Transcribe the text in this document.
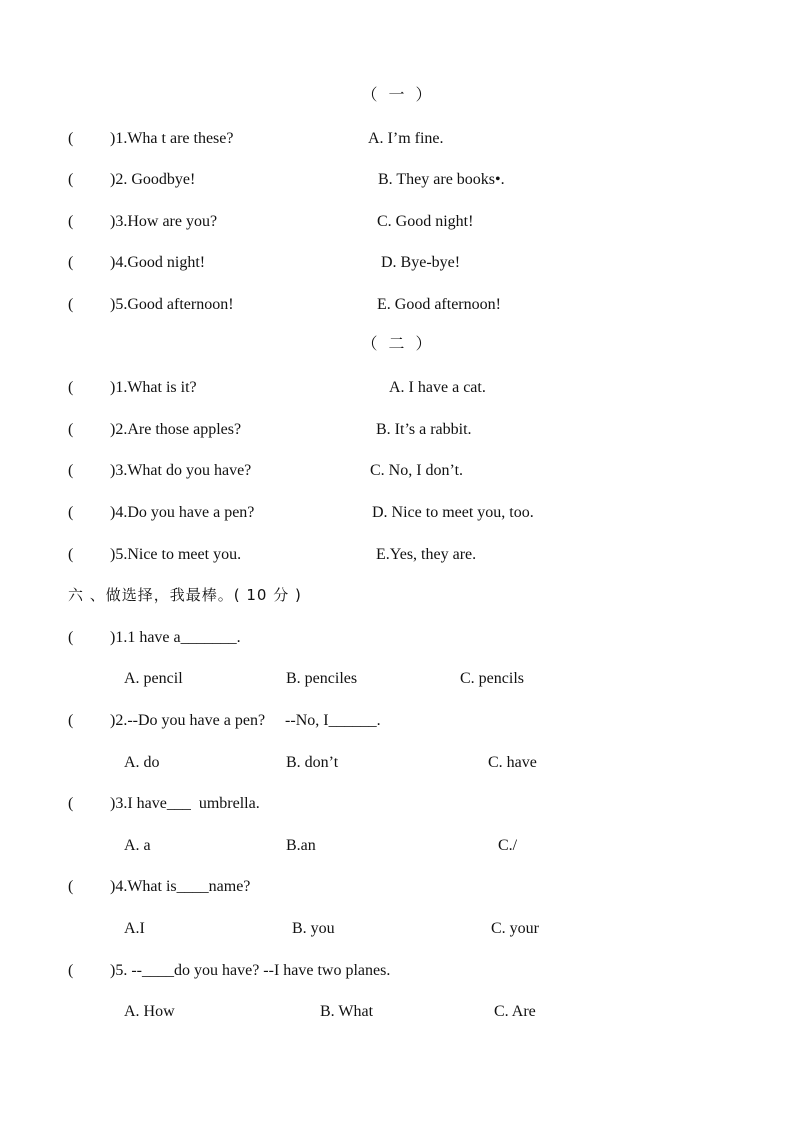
（  一  ）
( )1.Wha t are these?	A. I’m fine.
( )2. Goodbye!	B. They are books•.
( )3.How are you?	C. Good night!
( )4.Good night!	D. Bye-bye!
( )5.Good afternoon!	E. Good afternoon!
（  二  ）
( )1.What is it?	A. I have a cat.
( )2.Are those apples?	B. It’s a rabbit.
( )3.What do you have?	C. No, I don’t.
( )4.Do you have a pen?	D. Nice to meet you, too.
( )5.Nice to meet you.	E.Yes, they are.
六 、做选择，我最棒。( 10 分 )
( )1.1 have a_______.
A. pencil	B. penciles	C. pencils
( )2.--Do you have a pen?     --No, I______.
A. do	B. don’t	C. have
( )3.I have___  umbrella.
A. a	B.an	C./
( )4.What is____name?
A.I	B. you	C. your
( )5. --____do you have? --I have two planes.
A. How	B. What	C. Are
